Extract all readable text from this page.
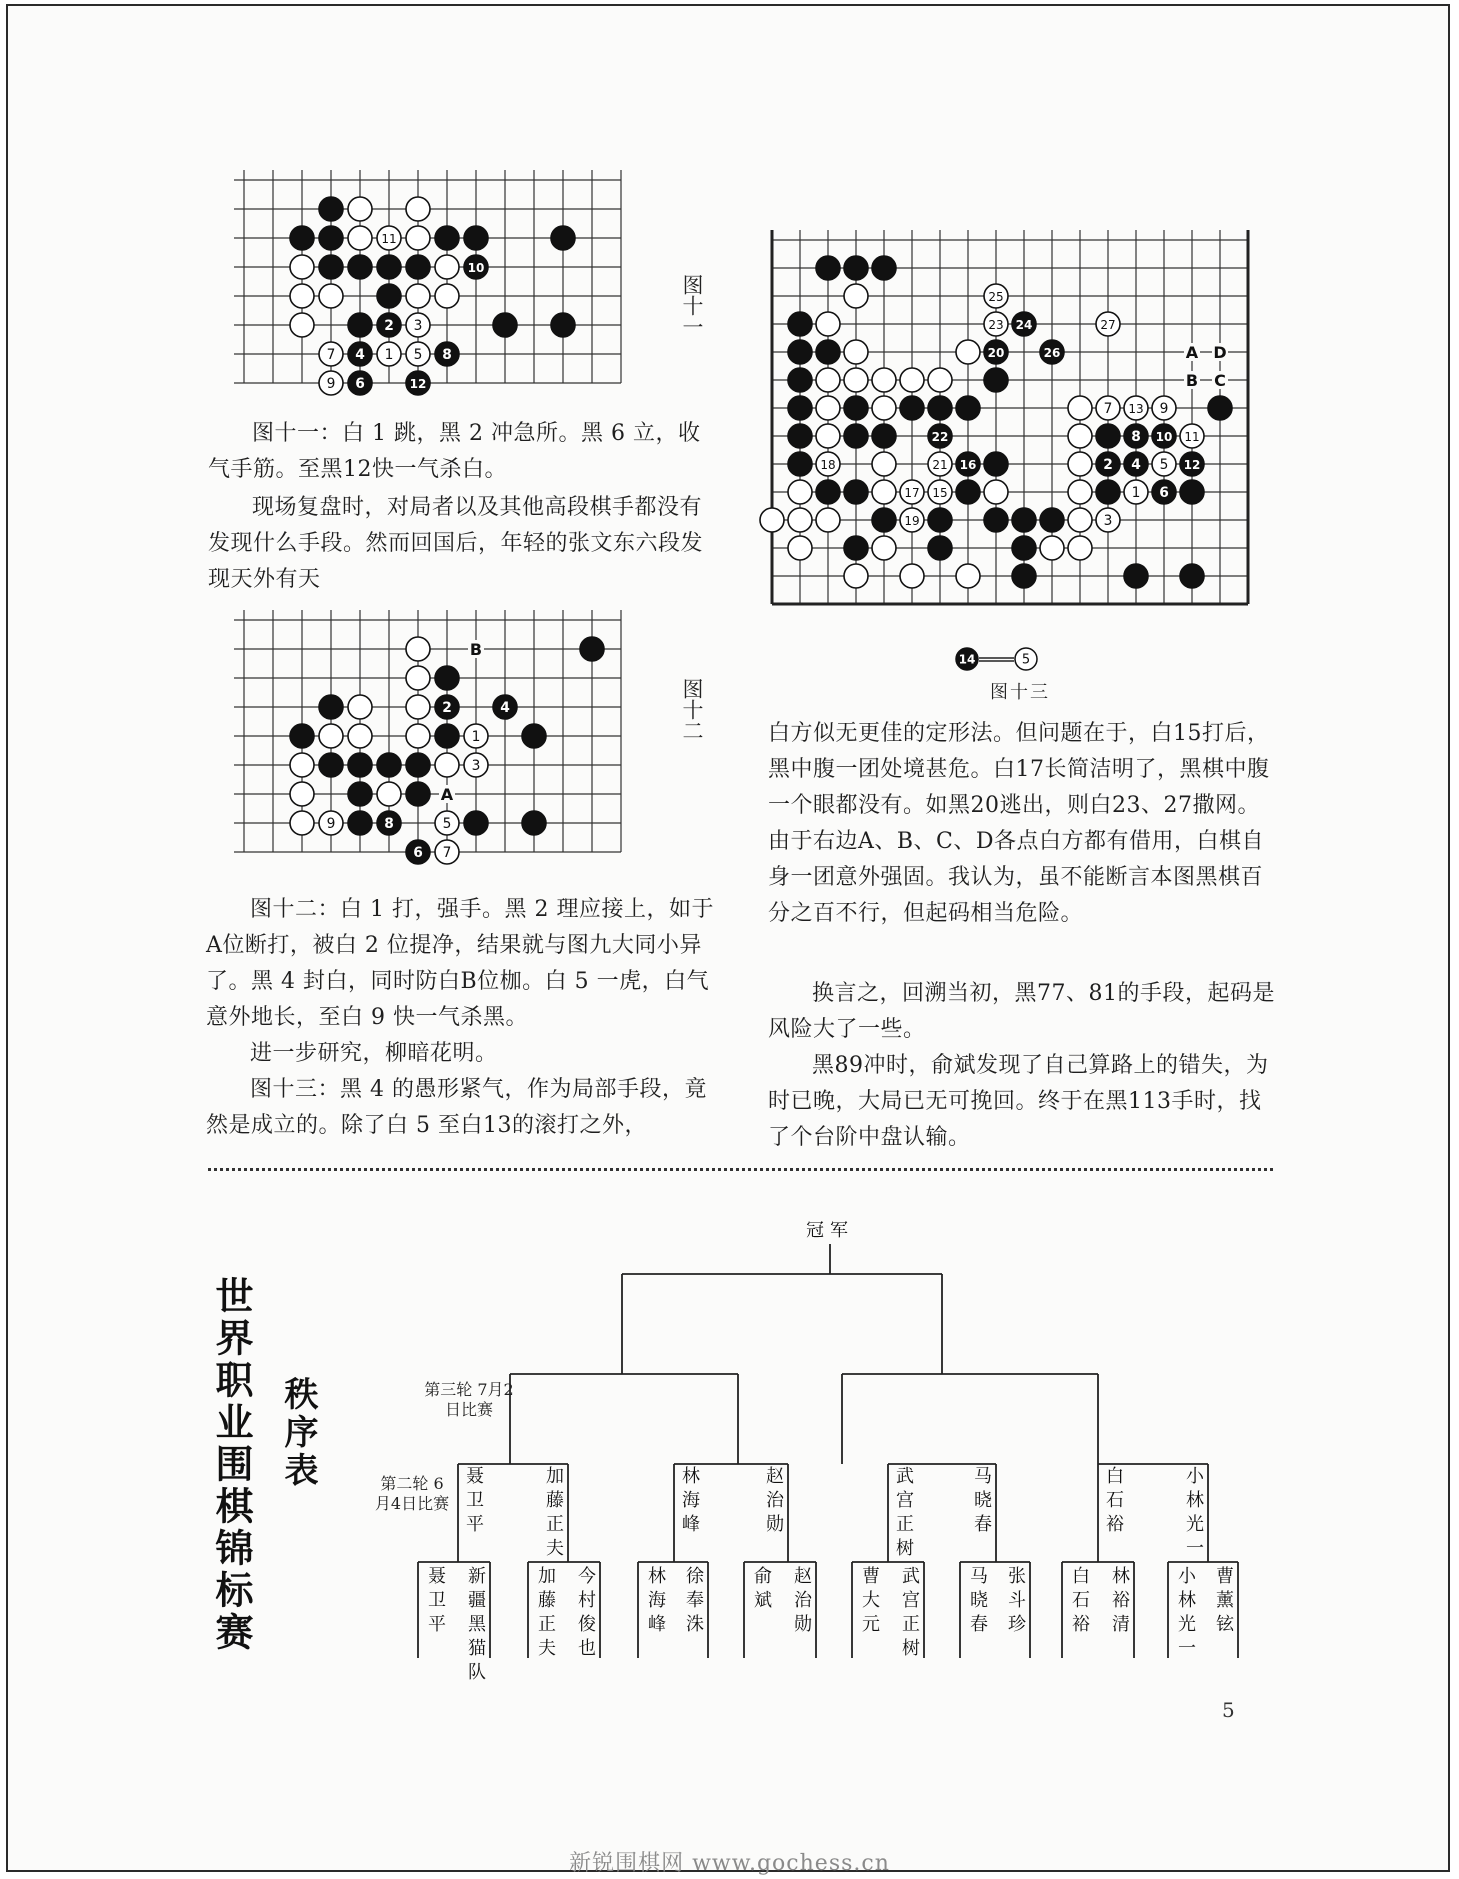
11
10
2 3
7 4 1 5 8
9 6	12
图十一

图十一：白 1 跳，黑 2 冲急所。黑 6 立，收气手筋。至黑12快一气杀白。

现场复盘时，对局者以及其他高段棋手都没有发现什么手段。然而回国后，年轻的张文东六段发现天外有天

2	4
1
3
9	8	5
6 7
B
A
图十二

图十二：白 1 打，强手。黑 2 理应接上，如于A位断打，被白 2 位提净，结果就与图九大同小异了。黑 4 封白，同时防白B位枷。白 5 一虎，白气意外地长，至白 9 快一气杀黑。

进一步研究，柳暗花明。

图十三：黑 4 的愚形紧气，作为局部手段，竟然是成立的。除了白 5 至白13的滚打之外，

25
23 24	27
20	26
7 13 9
22	8 10 11
18	21 16	2 4 5 12
17 15	1 6
19	3
A D
B C
14	5
图十三

白方似无更佳的定形法。但问题在于，白15打后，黑中腹一团处境甚危。白17长简洁明了，黑棋中腹一个眼都没有。如黑20逃出，则白23、27撒网。由于右边A、B、C、D各点白方都有借用，白棋自身一团意外强固。我认为，虽不能断言本图黑棋百分之百不行，但起码相当危险。

换言之，回溯当初，黑77、81的手段，起码是风险大了一些。

黑89冲时，俞斌发现了自己算路上的错失，为时已晚，大局已无可挽回。终于在黑113手时，找了个台阶中盘认输。

世界职业围棋锦标赛 秩序表
冠军
第三轮 7月2日比赛
第二轮 6月4日比赛 聂卫平	加藤正夫	林海峰	赵治勋	武宫正树	马晓春	白石裕	小林光一
聂卫平 新疆黑猫队	加藤正夫 今村俊也	林海峰 徐奉洙	俞斌 赵治勋	曹大元 武宫正树	马晓春 张斗珍 白石裕 林裕清	小林光一 曹薰铉
5
新锐围棋网 www.gochess.cn
